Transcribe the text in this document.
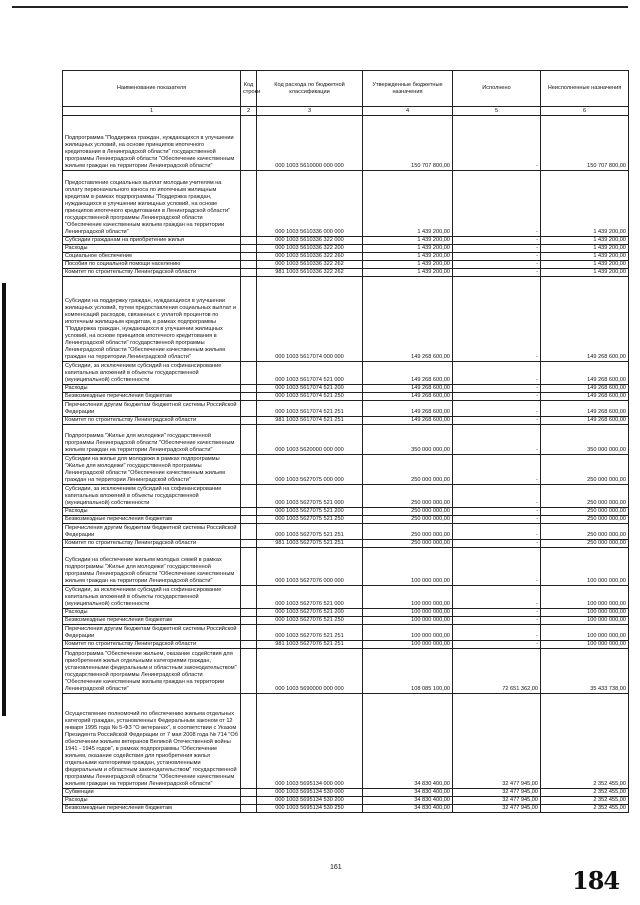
Наименование показателя	Код строки	Код расхода по бюджетной классификации	Утвержденные бюджетные назначения	Исполнено	Неисполненные назначения
1	2	3	4	5	6
Подпрограмма "Поддержка граждан, нуждающихся в улучшении жилищных условий, на основе принципов ипотечного кредитования в Ленинградской области" государственной программы Ленинградской области "Обеспечение качественным жильем граждан на территории Ленинградской области"		000 1003 5610000 000 000	150 707 800,00	-	150 707 800,00
Предоставление социальных выплат молодым учителям на оплату первоначального взноса по ипотечным жилищным кредитам в рамках подпрограммы "Поддержка граждан, нуждающихся в улучшении жилищных условий, на основе принципов ипотечного кредитования в Ленинградской области" государственной программы Ленинградской области "Обеспечение качественным жильем граждан на территории Ленинградской области"		000 1003 5610336 000 000	1 439 200,00	-	1 439 200,00
Субсидии гражданам на приобретение жилья		000 1003 5610336 322 000	1 439 200,00	-	1 439 200,00
Расходы		000 1003 5610336 322 200	1 439 200,00	-	1 439 200,00
Социальное обеспечение		000 1003 5610336 322 260	1 439 200,00	-	1 439 200,00
Пособия по социальной помощи населению		000 1003 5610336 322 262	1 439 200,00	-	1 439 200,00
Комитет по строительству Ленинградской области		981 1003 5610336 322 262	1 439 200,00	-	1 439 200,00
Субсидии на поддержку граждан, нуждающихся в улучшении жилищных условий, путем предоставления социальных выплат и компенсаций расходов, связанных с уплатой процентов по ипотечным жилищным кредитам, в рамках подпрограммы "Поддержка граждан, нуждающихся в улучшении жилищных условий, на основе принципов ипотечного кредитования в Ленинградской области" государственной программы Ленинградской области "Обеспечение качественным жильем граждан на территории Ленинградской области"		000 1003 5617074 000 000	149 268 600,00	-	149 268 600,00
Субсидии, за исключением субсидий на софинансирование капитальных вложений в объекты государственной (муниципальной) собственности		000 1003 5617074 521 000	149 268 600,00	-	149 268 600,00
Расходы		000 1003 5617074 521 200	149 268 600,00	-	149 268 600,00
Безвозмездные перечисления бюджетам		000 1003 5617074 521 250	149 268 600,00	-	149 268 600,00
Перечисления другим бюджетам бюджетной системы Российской Федерации		000 1003 5617074 521 251	149 268 600,00	-	149 268 600,00
Комитет по строительству Ленинградской области		981 1003 5617074 521 251	149 268 600,00	-	149 268 600,00
Подпрограмма "Жилье для молодежи" государственной программы Ленинградской области "Обеспечение качественным жильем граждан на территории Ленинградской области"		000 1003 5620000 000 000	350 000 000,00	-	350 000 000,00
Субсидии на жилье для молодежи в рамках подпрограммы "Жилье для молодежи" государственной программы Ленинградской области "Обеспечение качественным жильем граждан на территории Ленинградской области"		000 1003 5627075 000 000	250 000 000,00	-	250 000 000,00
Субсидии, за исключением субсидий на софинансирование капитальных вложений в объекты государственной (муниципальной) собственности		000 1003 5627075 521 000	250 000 000,00	-	250 000 000,00
Расходы		000 1003 5627075 521 200	250 000 000,00	-	250 000 000,00
Безвозмездные перечисления бюджетам		000 1003 5627075 521 250	250 000 000,00	-	250 000 000,00
Перечисления другим бюджетам бюджетной системы Российской Федерации		000 1003 5627075 521 251	250 000 000,00	-	250 000 000,00
Комитет по строительству Ленинградской области		981 1003 5627075 521 251	250 000 000,00	-	250 000 000,00
Субсидии на обеспечение жильем молодых семей в рамках подпрограммы "Жилье для молодежи" государственной программы Ленинградской области "Обеспечение качественным жильем граждан на территории Ленинградской области"		000 1003 5627076 000 000	100 000 000,00	-	100 000 000,00
Субсидии, за исключением субсидий на софинансирование капитальных вложений в объекты государственной (муниципальной) собственности		000 1003 5627076 521 000	100 000 000,00	-	100 000 000,00
Расходы		000 1003 5627076 521 200	100 000 000,00	-	100 000 000,00
Безвозмездные перечисления бюджетам		000 1003 5627076 521 250	100 000 000,00	-	100 000 000,00
Перечисления другим бюджетам бюджетной системы Российской Федерации		000 1003 5627076 521 251	100 000 000,00	-	100 000 000,00
Комитет по строительству Ленинградской области		981 1003 5627076 521 251	100 000 000,00	-	100 000 000,00
Подпрограмма "Обеспечение жильем, оказание содействия для приобретения жилья отдельными категориями граждан, установленными федеральным и областным законодательством" государственной программы Ленинградской области "Обеспечение качественным жильем граждан на территории Ленинградской области"		000 1003 5690000 000 000	108 085 100,00	72 651 362,00	35 433 738,00
Осуществление полномочий по обеспечению жильем отдельных категорий граждан, установленных Федеральным законом от 12 января 1995 года № 5-ФЗ "О ветеранах", в соответствии с Указом Президента Российской Федерации от 7 мая 2008 года № 714 "Об обеспечении жильем ветеранов Великой Отечественной войны 1941 - 1945 годов", в рамках подпрограммы "Обеспечение жильем, оказание содействия для приобретения жилья отдельными категориями граждан, установленными федеральным и областным законодательством" государственной программы Ленинградской области "Обеспечение качественным жильем граждан на территории Ленинградской области"		000 1003 5695134 000 000	34 830 400,00	32 477 945,00	2 352 455,00
Субвенции		000 1003 5695134 530 000	34 830 400,00	32 477 945,00	2 352 455,00
Расходы		000 1003 5695134 530 200	34 830 400,00	32 477 945,00	2 352 455,00
Безвозмездные перечисления бюджетам		000 1003 5695134 530 250	34 830 400,00	32 477 945,00	2 352 455,00
161	184
